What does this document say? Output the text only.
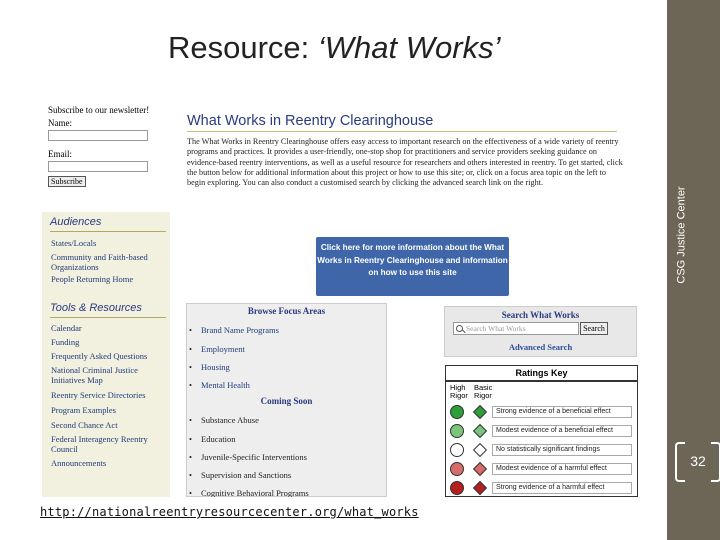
Resource: ‘What Works’
CSG Justice Center
32
http://nationalreentryresourcecenter.org/what_works
Subscribe to our newsletter!
Name:
Email:
Subscribe
Audiences
States/Locals
Community and Faith-based Organizations
People Returning Home
Tools & Resources
Calendar
Funding
Frequently Asked Questions
National Criminal Justice Initiatives Map
Reentry Service Directories
Program Examples
Second Chance Act
Federal Interagency Reentry Council
Announcements
What Works in Reentry Clearinghouse
The What Works in Reentry Clearinghouse offers easy access to important research on the effectiveness of a wide variety of reentry programs and practices. It provides a user-friendly, one-stop shop for practitioners and service providers seeking guidance on evidence-based reentry interventions, as well as a useful resource for researchers and others interested in reentry. To get started, click the button below for additional information about this project or how to use this site; or, click on a focus area topic on the left to begin exploring. You can also conduct a customised search by clicking the advanced search link on the right.
Click here for more information about the What Works in Reentry Clearinghouse and information on how to use this site
Browse Focus Areas
• Brand Name Programs
• Employment
• Housing
• Mental Health
Coming Soon
• Substance Abuse
• Education
• Juvenile-Specific Interventions
• Supervision and Sanctions
• Cognitive Behavioral Programs
Search What Works
Search What Works	Search
Advanced Search
Ratings Key
High Rigor
Basic Rigor
Strong evidence of a beneficial effect
Modest evidence of a beneficial effect
No statistically significant findings
Modest evidence of a harmful effect
Strong evidence of a harmful effect
